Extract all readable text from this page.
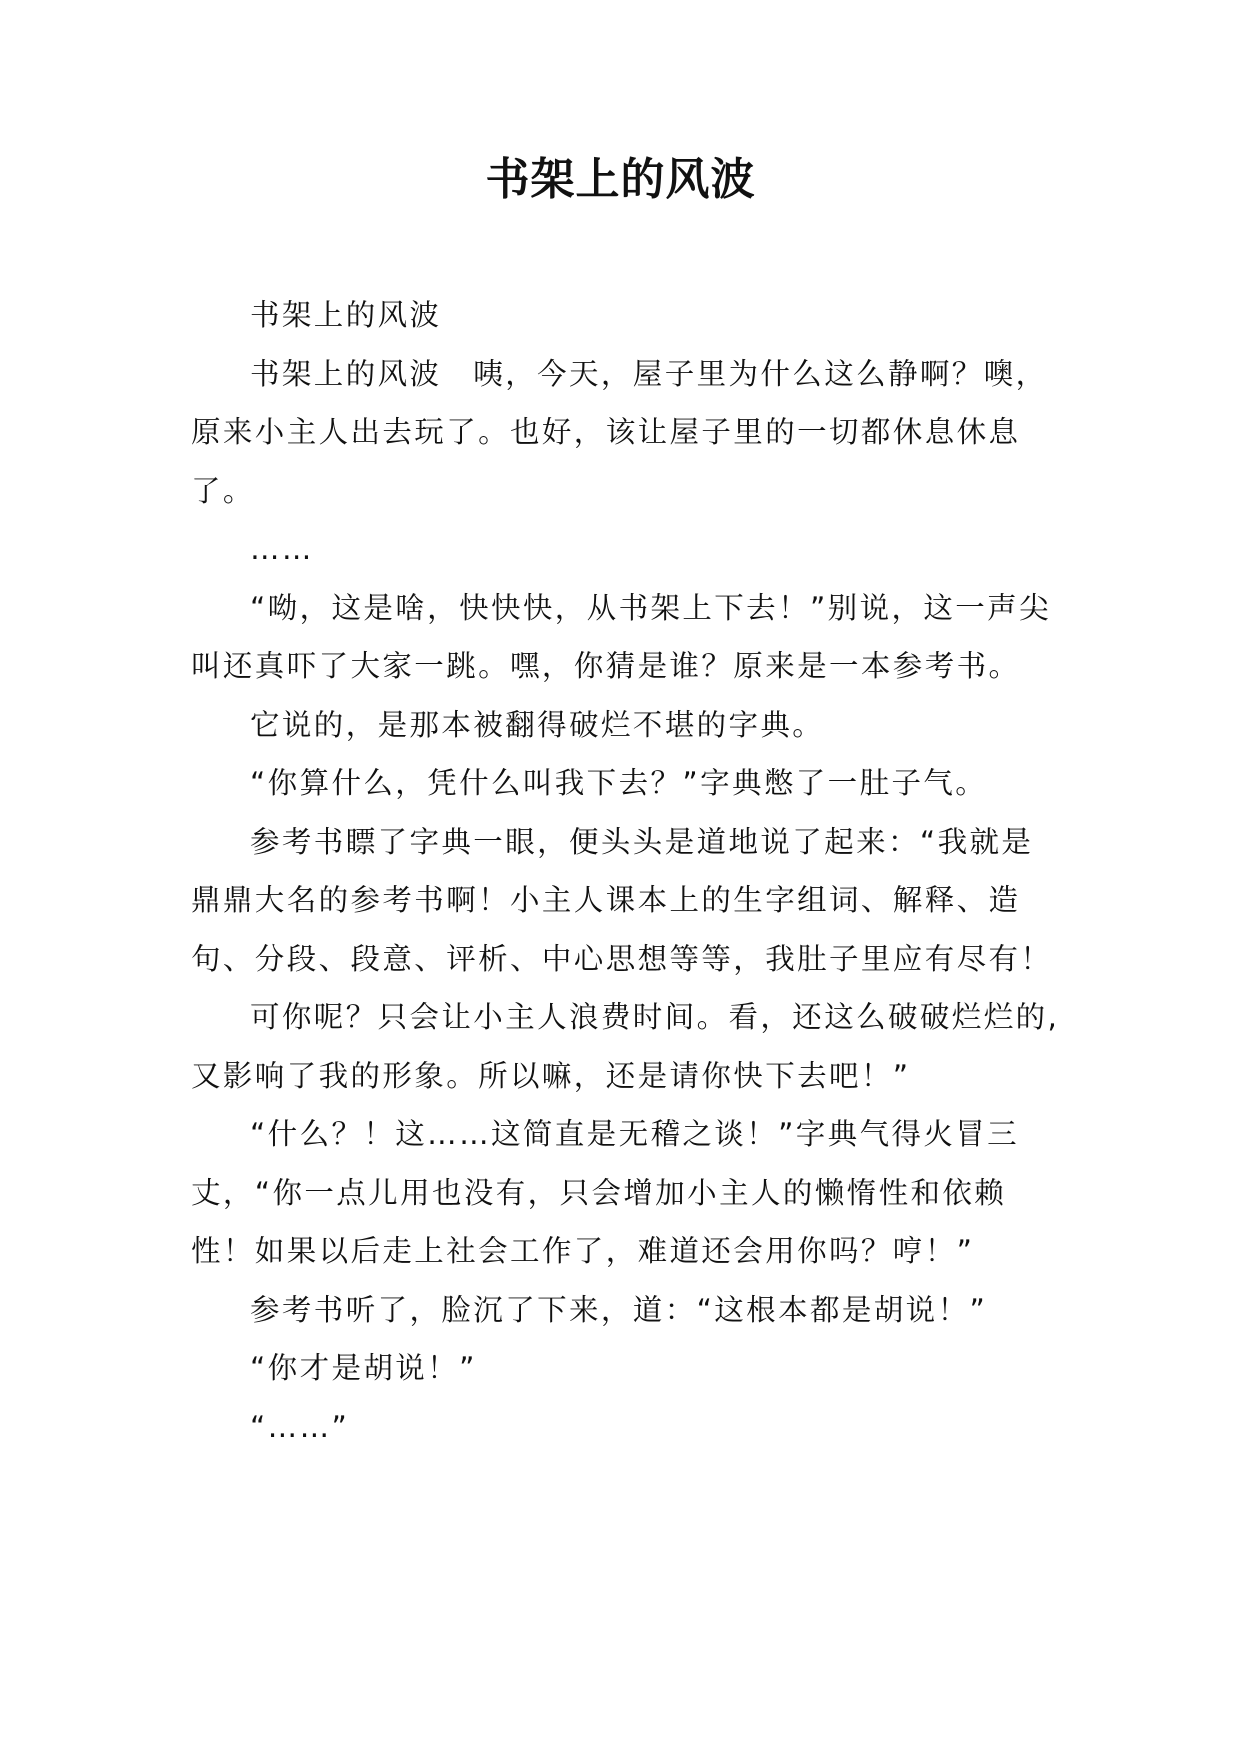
书架上的风波

书架上的风波

书架上的风波　咦，今天，屋子里为什么这么静啊？噢，原来小主人出去玩了。也好，该让屋子里的一切都休息休息了。

……

“呦，这是啥，快快快，从书架上下去！”别说，这一声尖叫还真吓了大家一跳。嘿，你猜是谁？原来是一本参考书。

它说的，是那本被翻得破烂不堪的字典。

“你算什么，凭什么叫我下去？”字典憋了一肚子气。

参考书瞟了字典一眼，便头头是道地说了起来：“我就是鼎鼎大名的参考书啊！小主人课本上的生字组词、解释、造句、分段、段意、评析、中心思想等等，我肚子里应有尽有！

可你呢？只会让小主人浪费时间。看，还这么破破烂烂的,又影响了我的形象。所以嘛，还是请你快下去吧！”

“什么？！这……这简直是无稽之谈！”字典气得火冒三丈，“你一点儿用也没有，只会增加小主人的懒惰性和依赖性！如果以后走上社会工作了，难道还会用你吗？哼！”

参考书听了，脸沉了下来，道：“这根本都是胡说！”

“你才是胡说！”

“……”
